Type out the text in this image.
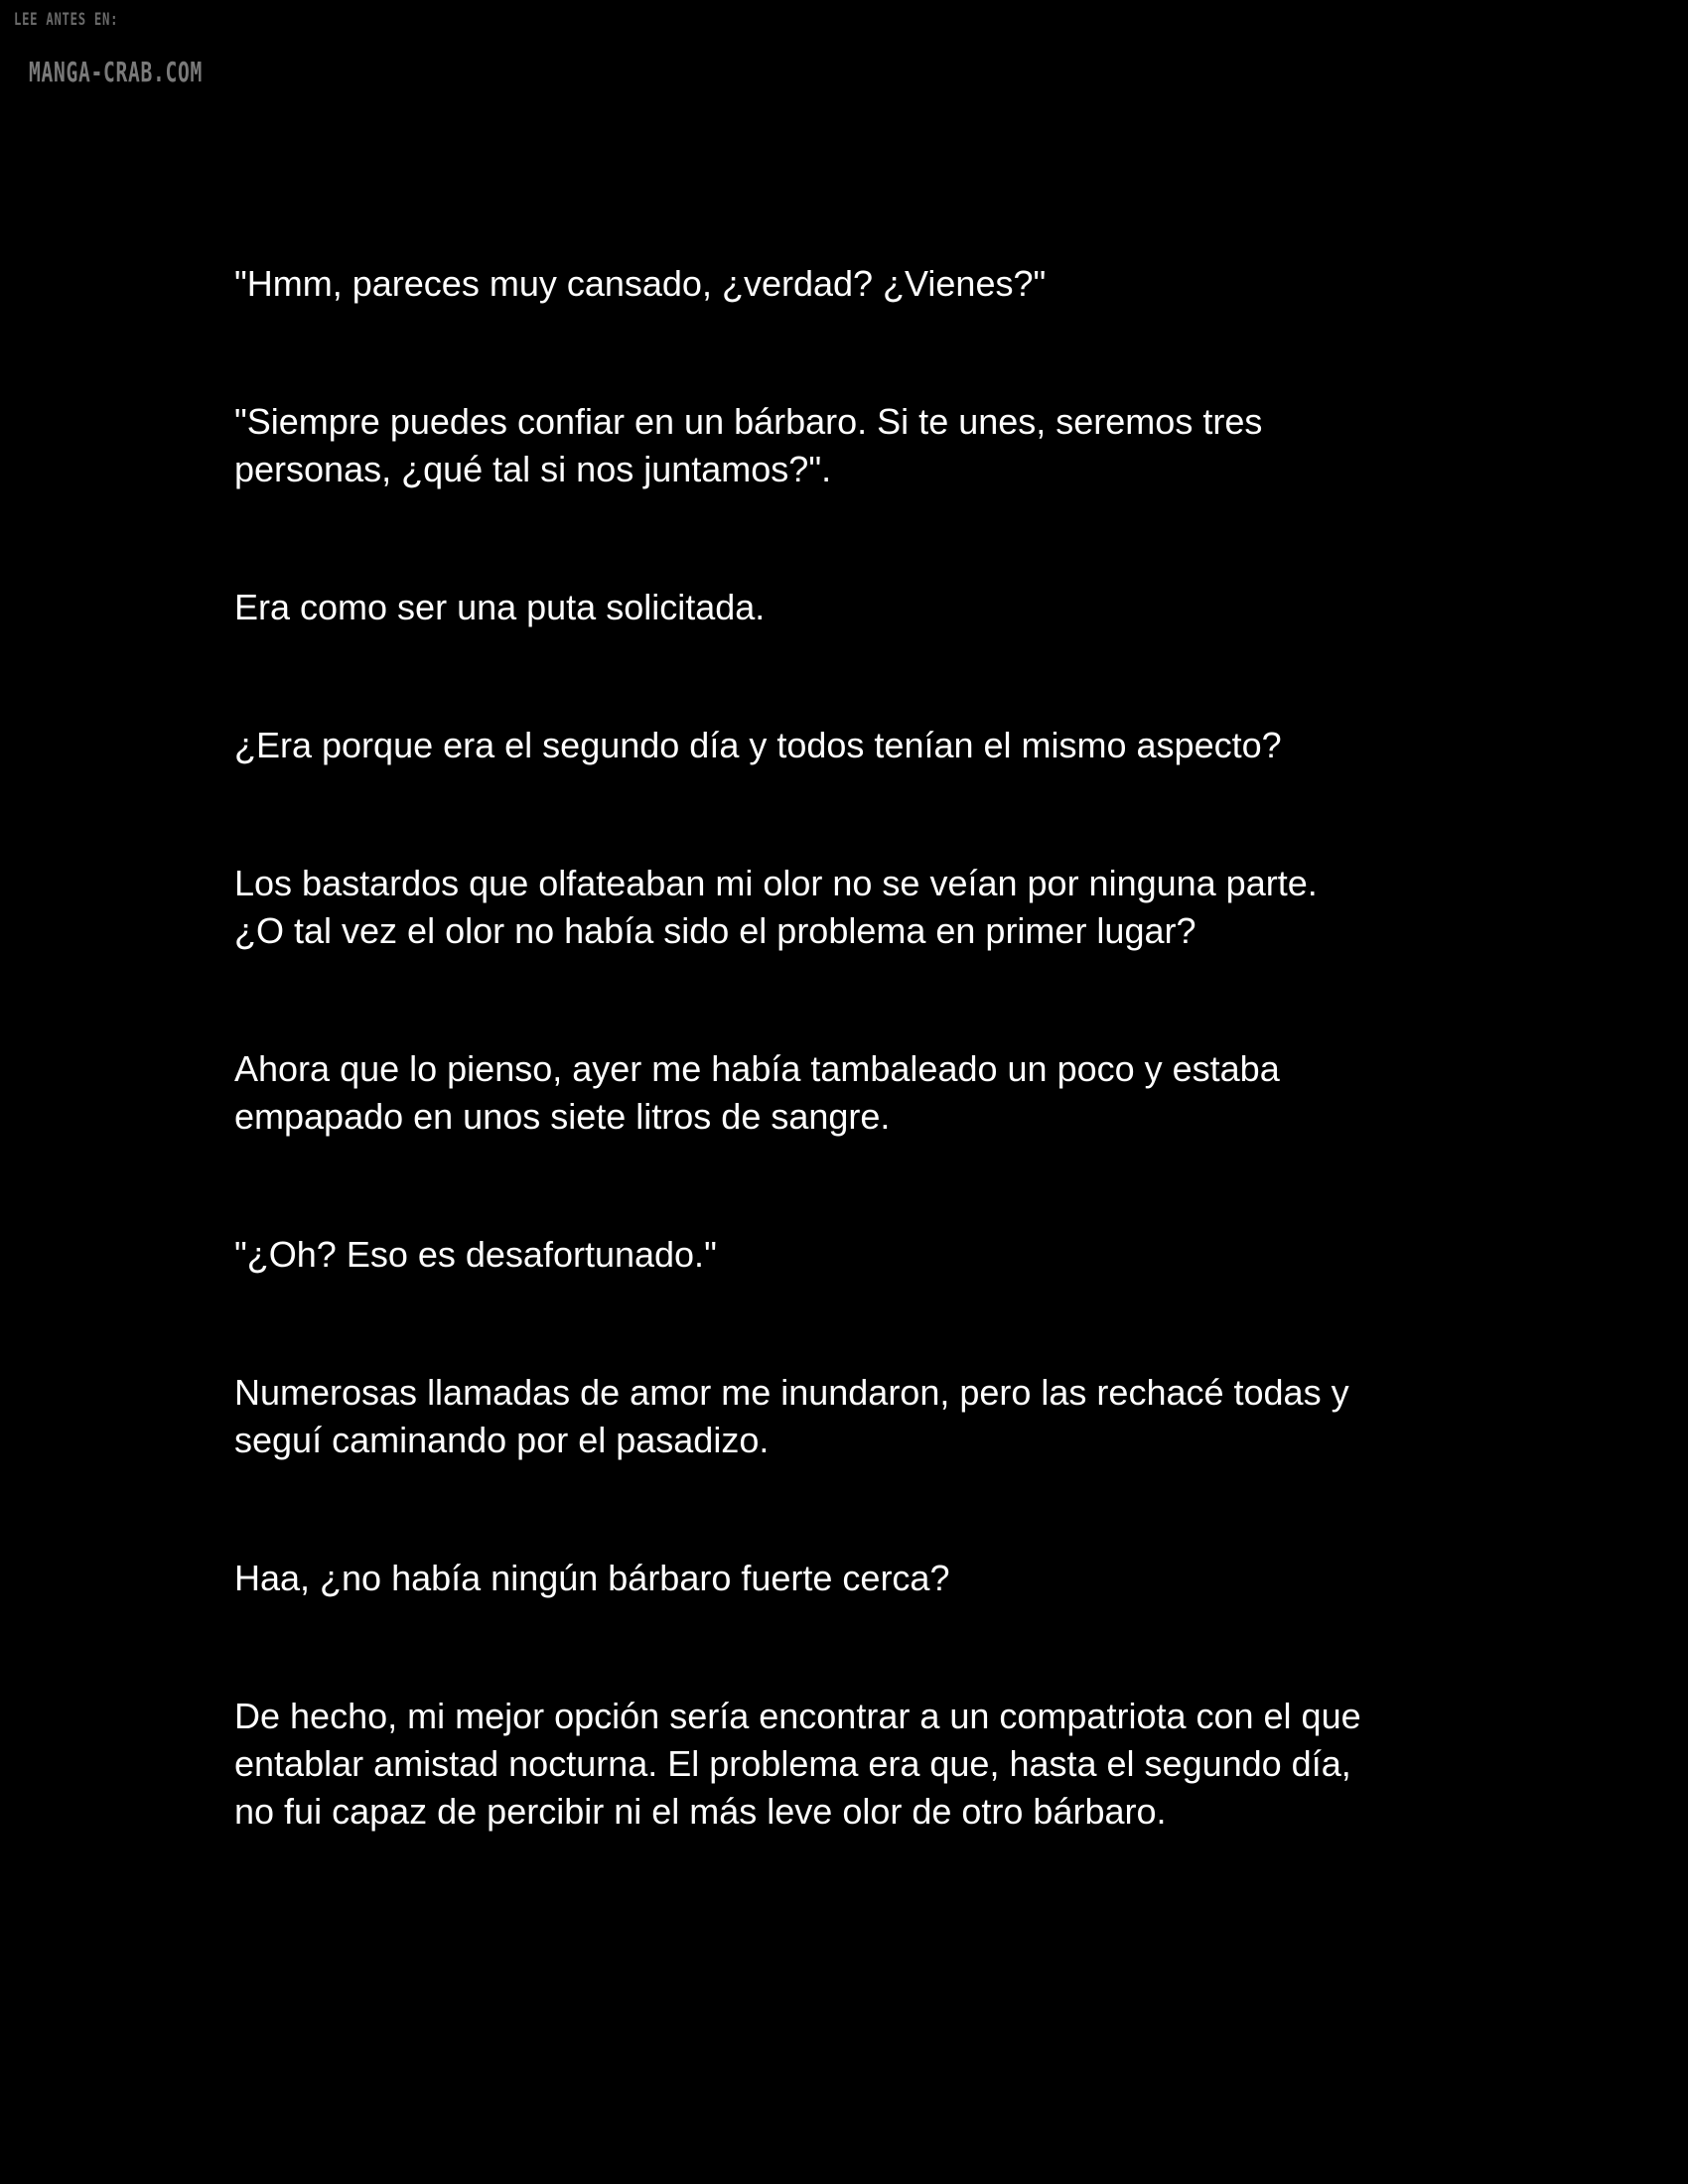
LEE ANTES EN:
MANGA-CRAB.COM

"Hmm, pareces muy cansado, ¿verdad? ¿Vienes?"

"Siempre puedes confiar en un bárbaro. Si te unes, seremos tres
personas, ¿qué tal si nos juntamos?".

Era como ser una puta solicitada.

¿Era porque era el segundo día y todos tenían el mismo aspecto?

Los bastardos que olfateaban mi olor no se veían por ninguna parte.
¿O tal vez el olor no había sido el problema en primer lugar?

Ahora que lo pienso, ayer me había tambaleado un poco y estaba
empapado en unos siete litros de sangre.

"¿Oh? Eso es desafortunado."

Numerosas llamadas de amor me inundaron, pero las rechacé todas y
seguí caminando por el pasadizo.

Haa, ¿no había ningún bárbaro fuerte cerca?

De hecho, mi mejor opción sería encontrar a un compatriota con el que
entablar amistad nocturna. El problema era que, hasta el segundo día,
no fui capaz de percibir ni el más leve olor de otro bárbaro.
